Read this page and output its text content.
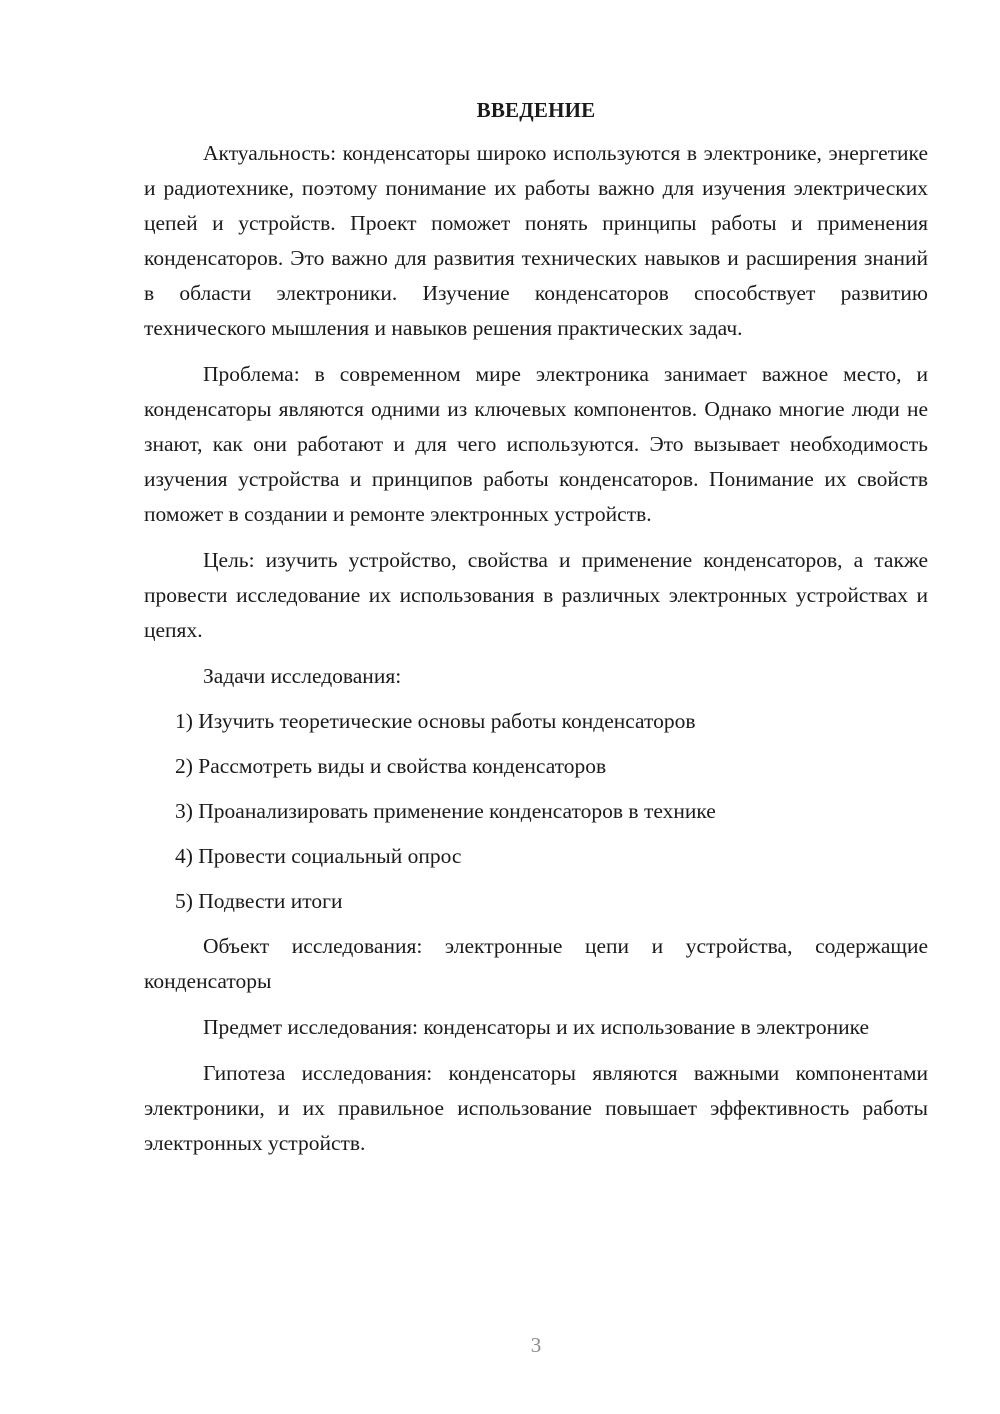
ВВЕДЕНИЕ

Актуальность: конденсаторы широко используются в электронике, энергетике и радиотехнике, поэтому понимание их работы важно для изучения электрических цепей и устройств. Проект поможет понять принципы работы и применения конденсаторов. Это важно для развития технических навыков и расширения знаний в области электроники. Изучение конденсаторов способствует развитию технического мышления и навыков решения практических задач.

Проблема: в современном мире электроника занимает важное место, и конденсаторы являются одними из ключевых компонентов. Однако многие люди не знают, как они работают и для чего используются. Это вызывает необходимость изучения устройства и принципов работы конденсаторов. Понимание их свойств поможет в создании и ремонте электронных устройств.

Цель: изучить устройство, свойства и применение конденсаторов, а также провести исследование их использования в различных электронных устройствах и цепях.

Задачи исследования:

1) Изучить теоретические основы работы конденсаторов
2) Рассмотреть виды и свойства конденсаторов
3) Проанализировать применение конденсаторов в технике
4) Провести социальный опрос
5) Подвести итоги

Объект исследования: электронные цепи и устройства, содержащие конденсаторы

Предмет исследования: конденсаторы и их использование в электронике

Гипотеза исследования: конденсаторы являются важными компонентами электроники, и их правильное использование повышает эффективность работы электронных устройств.

3
